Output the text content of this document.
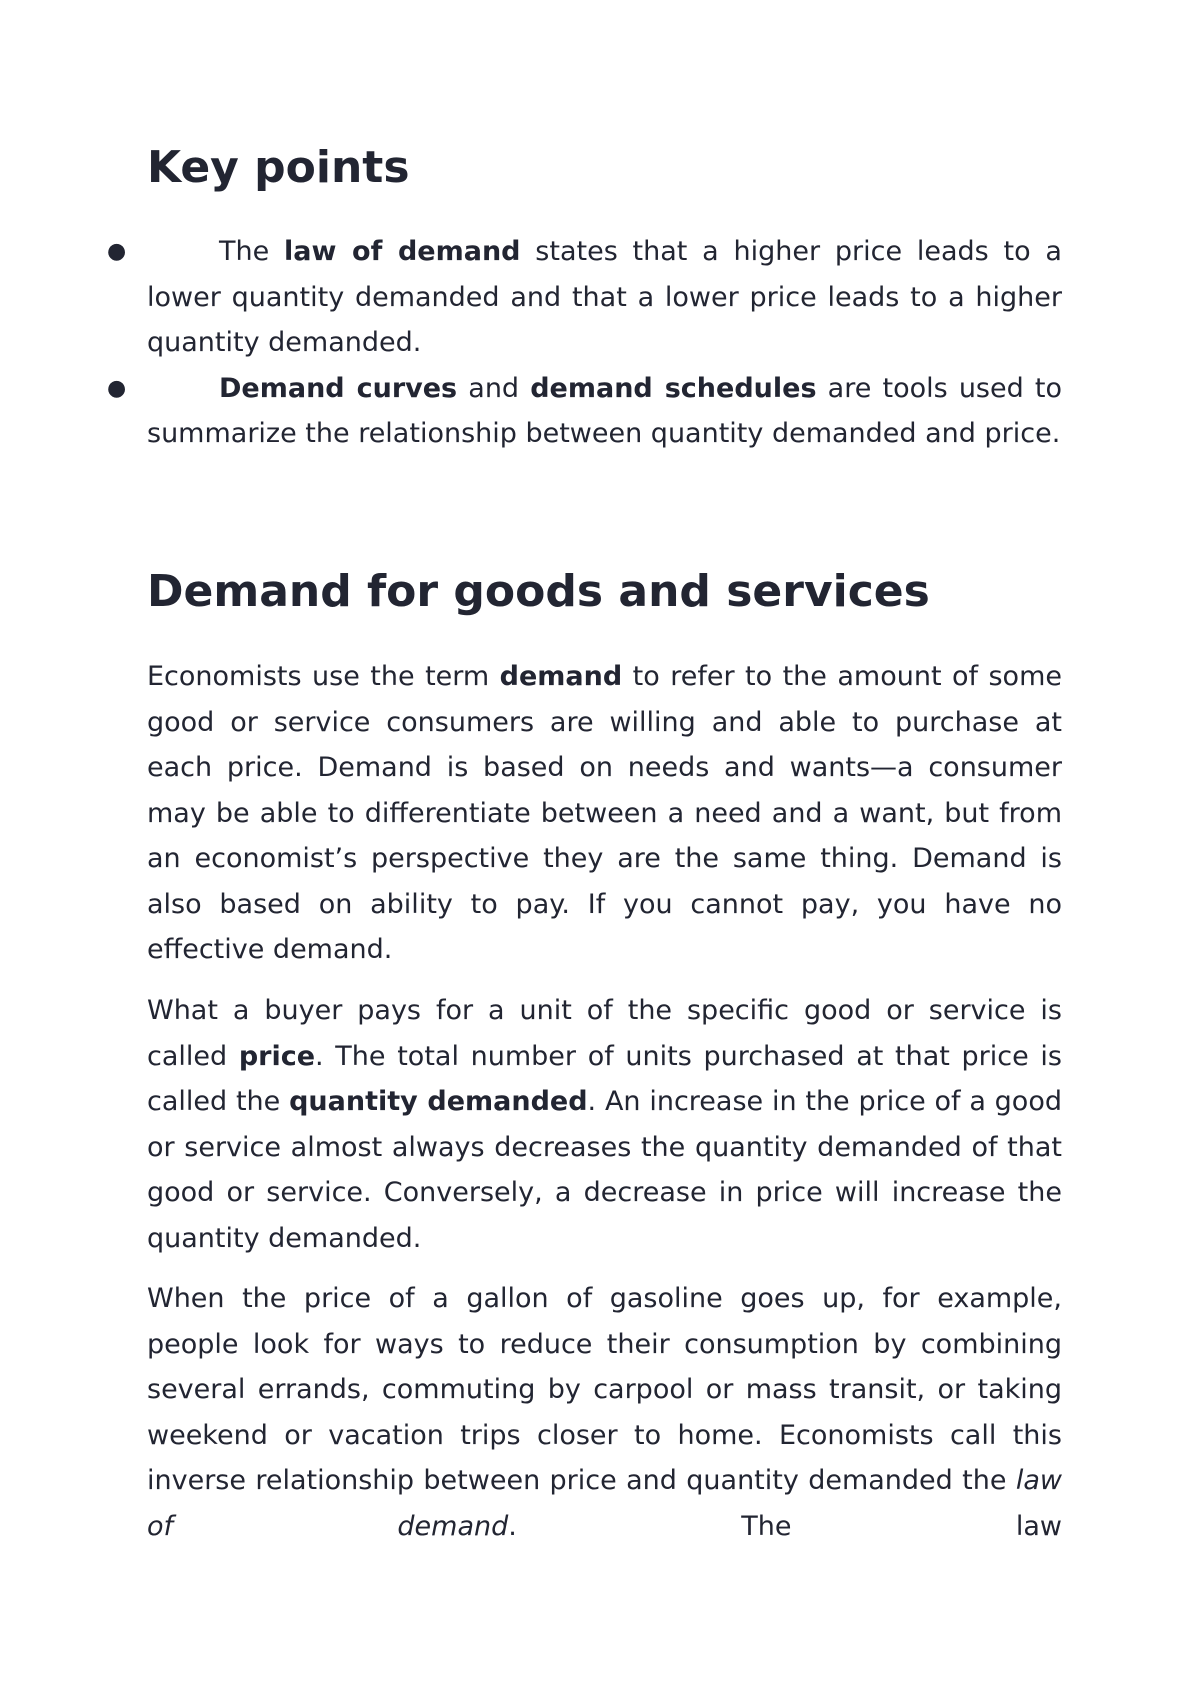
Key points
●	The law of demand states that a higher price leads to a lower quantity demanded and that a lower price leads to a higher quantity demanded.
●	Demand curves and demand schedules are tools used to summarize the relationship between quantity demanded and price.
Demand for goods and services

Economists use the term demand to refer to the amount of some good or service consumers are willing and able to purchase at each price. Demand is based on needs and wants—a consumer may be able to differentiate between a need and a want, but from an economist’s perspective they are the same thing. Demand is also based on ability to pay. If you cannot pay, you have no effective demand.

What a buyer pays for a unit of the specific good or service is called price. The total number of units purchased at that price is called the quantity demanded. An increase in the price of a good or service almost always decreases the quantity demanded of that good or service. Conversely, a decrease in price will increase the quantity demanded.

When the price of a gallon of gasoline goes up, for example, people look for ways to reduce their consumption by combining several errands, commuting by carpool or mass transit, or taking weekend or vacation trips closer to home. Economists call this inverse relationship between price and quantity demanded the law of demand. The law
